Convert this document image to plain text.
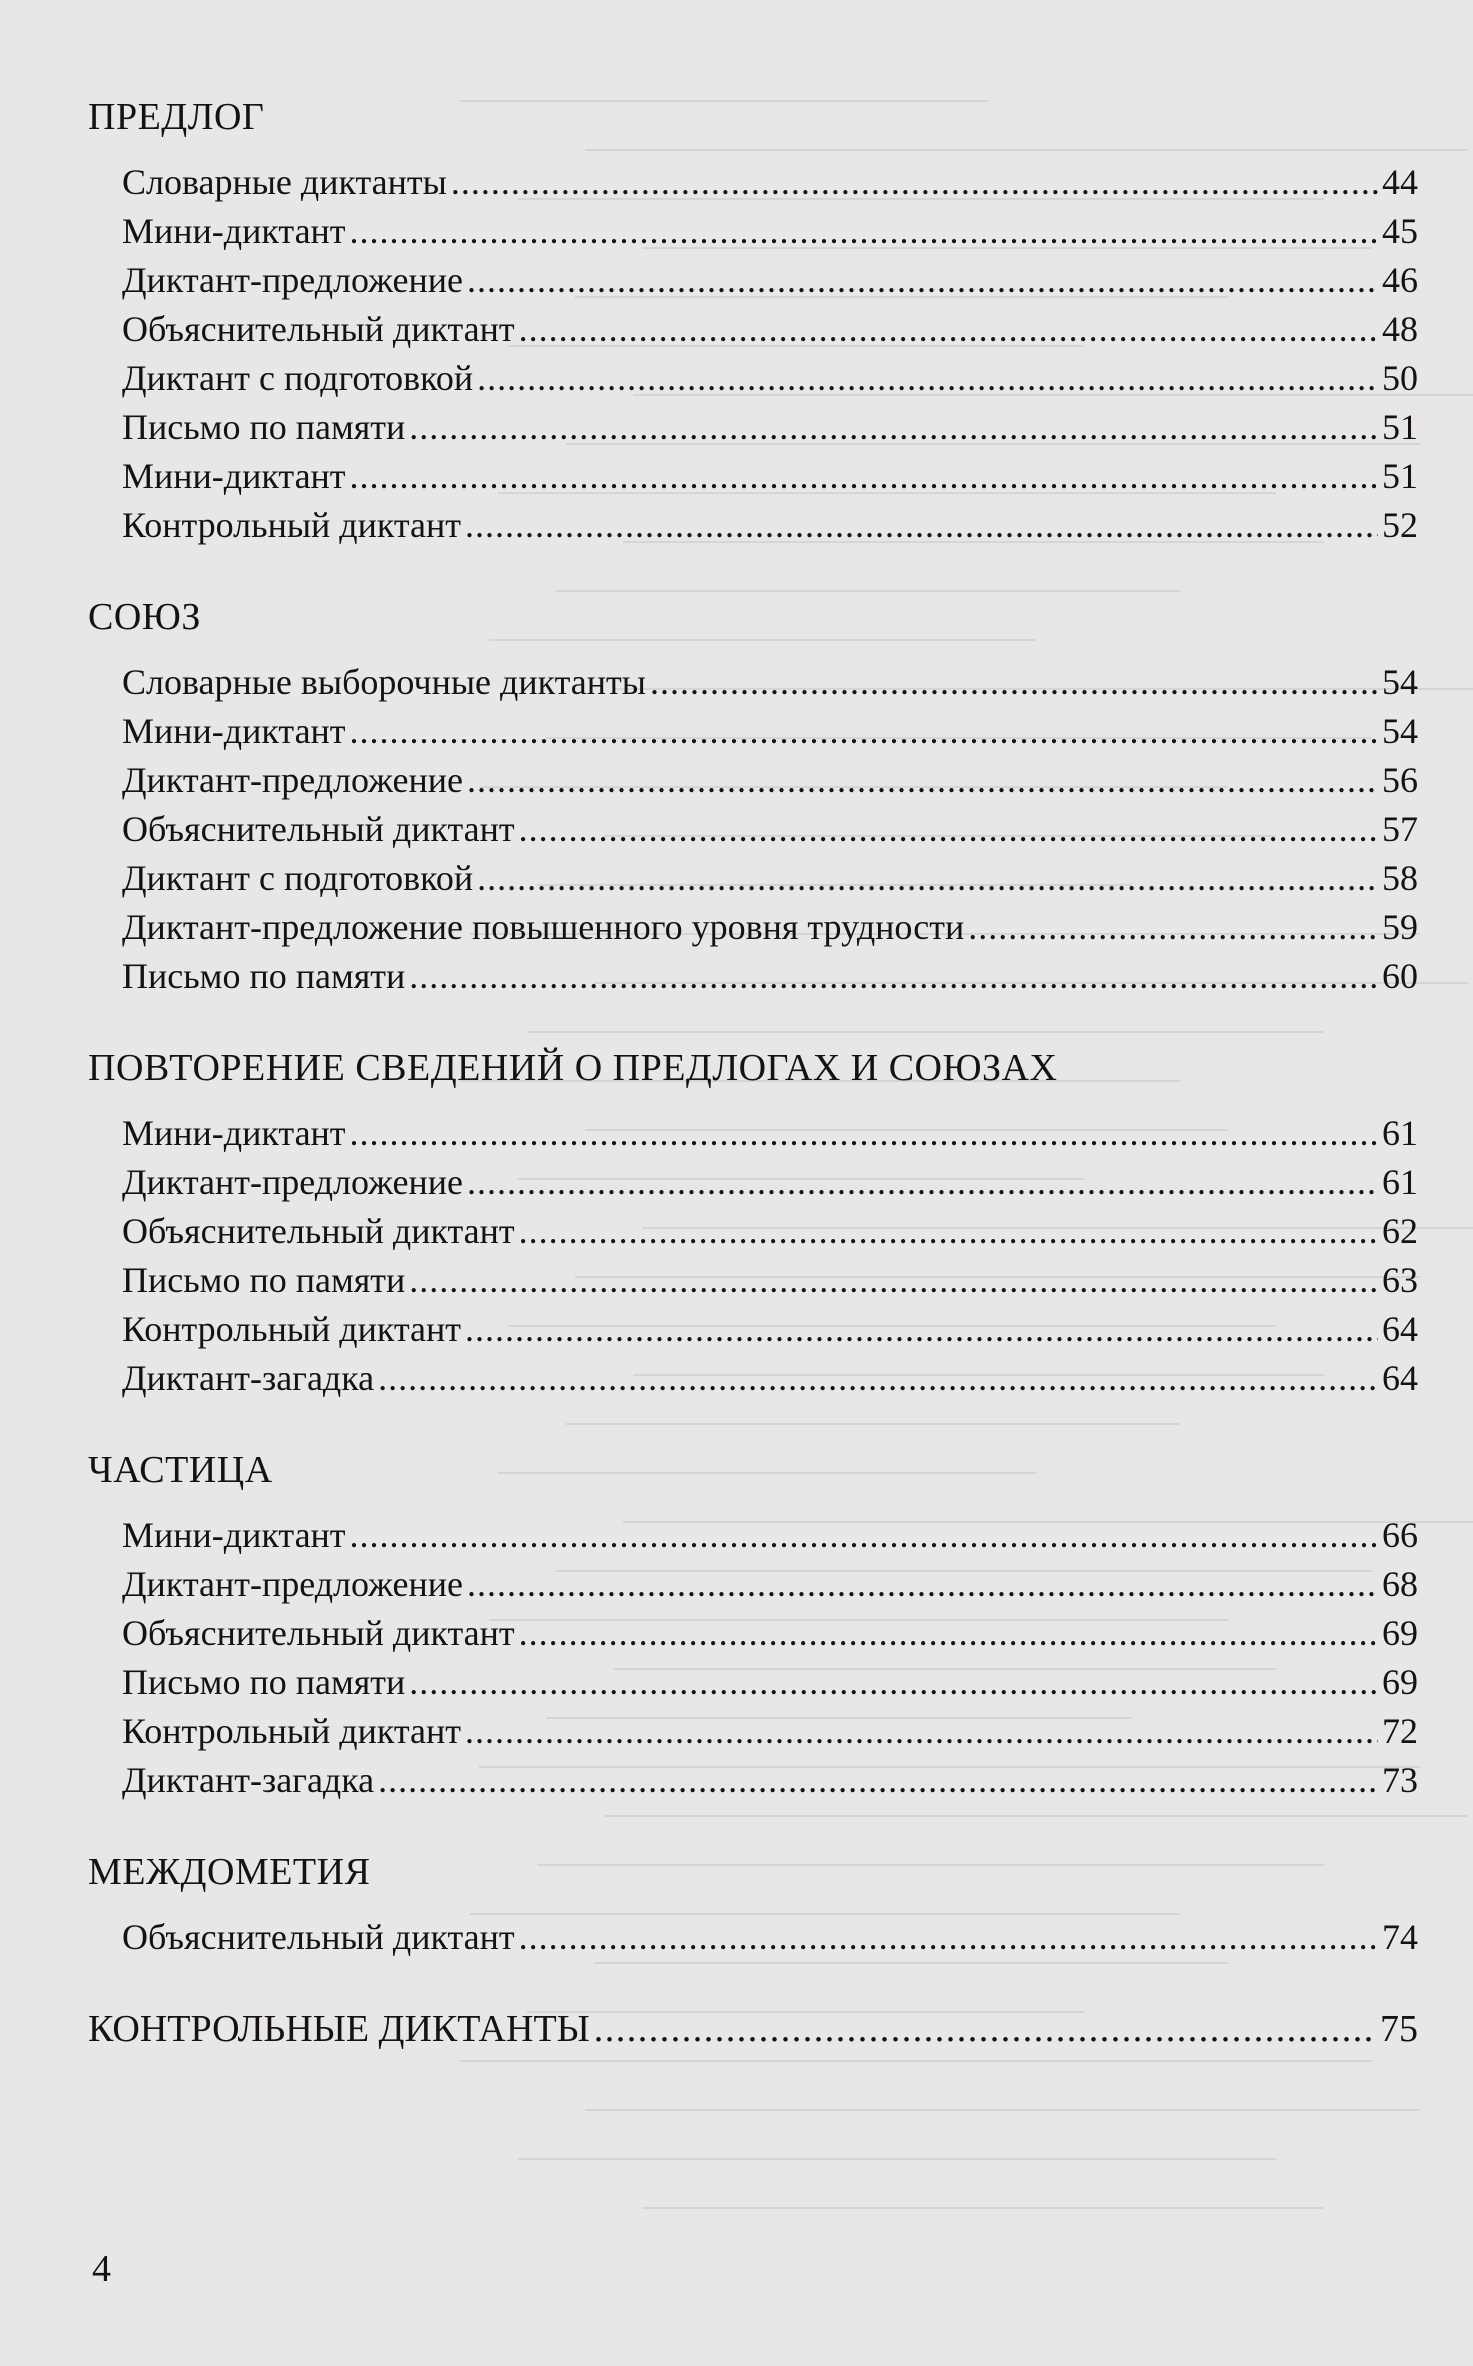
ПРЕДЛОГ
Словарные диктанты . . .	44
Мини-диктант . . .	45
Диктант-предложение . . .	46
Объяснительный диктант . . .	48
Диктант с подготовкой . . .	50
Письмо по памяти . . .	51
Мини-диктант . . .	51
Контрольный диктант . . .	52
СОЮЗ
Словарные выборочные диктанты . . .	54
Мини-диктант . . .	54
Диктант-предложение . . .	56
Объяснительный диктант . . .	57
Диктант с подготовкой . . .	58
Диктант-предложение повышенного уровня трудности . . .	59
Письмо по памяти . . .	60
ПОВТОРЕНИЕ СВЕДЕНИЙ О ПРЕДЛОГАХ И СОЮЗАХ
Мини-диктант . . .	61
Диктант-предложение . . .	61
Объяснительный диктант . . .	62
Письмо по памяти . . .	63
Контрольный диктант . . .	64
Диктант-загадка . . .	64
ЧАСТИЦА
Мини-диктант . . .	66
Диктант-предложение . . .	68
Объяснительный диктант . . .	69
Письмо по памяти . . .	69
Контрольный диктант . . .	72
Диктант-загадка . . .	73
МЕЖДОМЕТИЯ
Объяснительный диктант . . .	74
КОНТРОЛЬНЫЕ ДИКТАНТЫ . . .	75
4
